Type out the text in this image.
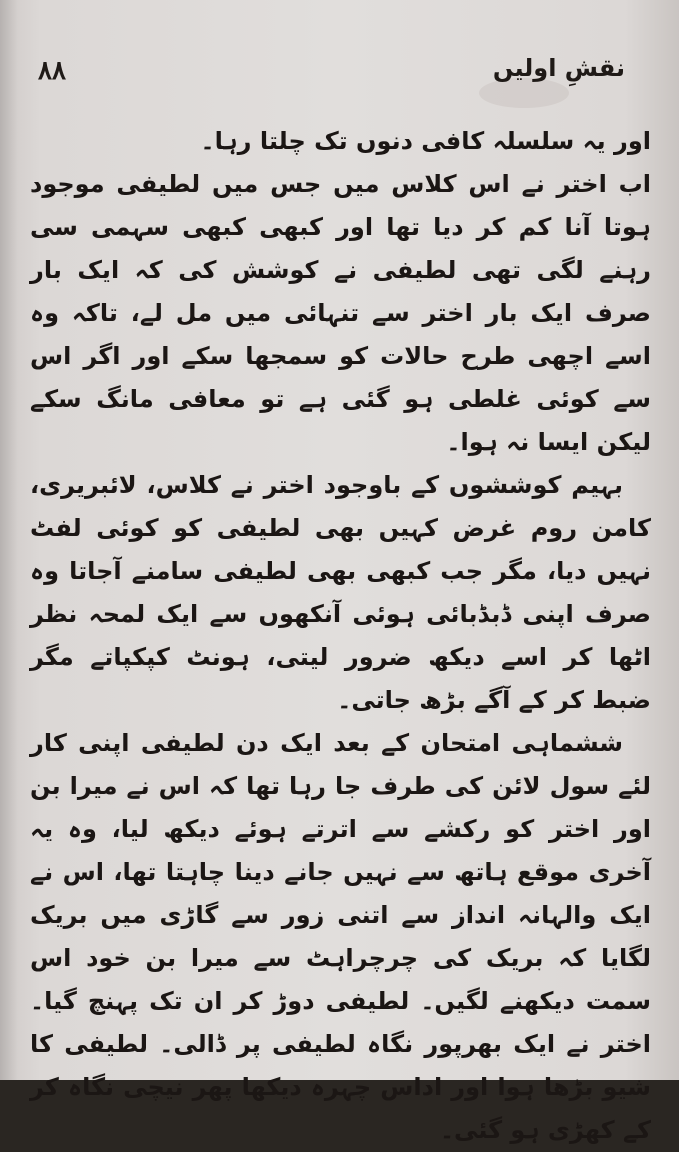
۸۸	نقشِ اولیں

اور یہ سلسلہ کافی دنوں تک چلتا رہا۔

اب اختر نے اس کلاس میں جس میں لطیفی موجود ہوتا آنا کم کر دیا تھا اور کبھی کبھی سہمی سی رہنے لگی تھی لطیفی نے کوشش کی کہ ایک بار صرف ایک بار اختر سے تنہائی میں مل لے، تاکہ وہ اسے اچھی طرح حالات کو سمجھا سکے اور اگر اس سے کوئی غلطی ہو گئی ہے تو معافی مانگ سکے لیکن ایسا نہ ہوا۔

بہیم کوششوں کے باوجود اختر نے کلاس، لائبریری، کامن روم غرض کہیں بھی لطیفی کو کوئی لفٹ نہیں دیا، مگر جب کبھی بھی لطیفی سامنے آجاتا وہ صرف اپنی ڈبڈبائی ہوئی آنکھوں سے ایک لمحہ نظر اٹھا کر اسے دیکھ ضرور لیتی، ہونٹ کپکپاتے مگر ضبط کر کے آگے بڑھ جاتی۔

ششماہی امتحان کے بعد ایک دن لطیفی اپنی کار لئے سول لائن کی طرف جا رہا تھا کہ اس نے میرا بن اور اختر کو رکشے سے اترتے ہوئے دیکھ لیا، وہ یہ آخری موقع ہاتھ سے نہیں جانے دینا چاہتا تھا، اس نے ایک والہانہ انداز سے اتنی زور سے گاڑی میں بریک لگایا کہ بریک کی چرچراہٹ سے میرا بن خود اس سمت دیکھنے لگیں۔ لطیفی دوڑ کر ان تک پہنچ گیا۔ اختر نے ایک بھرپور نگاہ لطیفی پر ڈالی۔ لطیفی کا شیو بڑھا ہوا اور اداس چہرہ دیکھا پھر نیچی نگاہ کر کے کھڑی ہو گئی۔
